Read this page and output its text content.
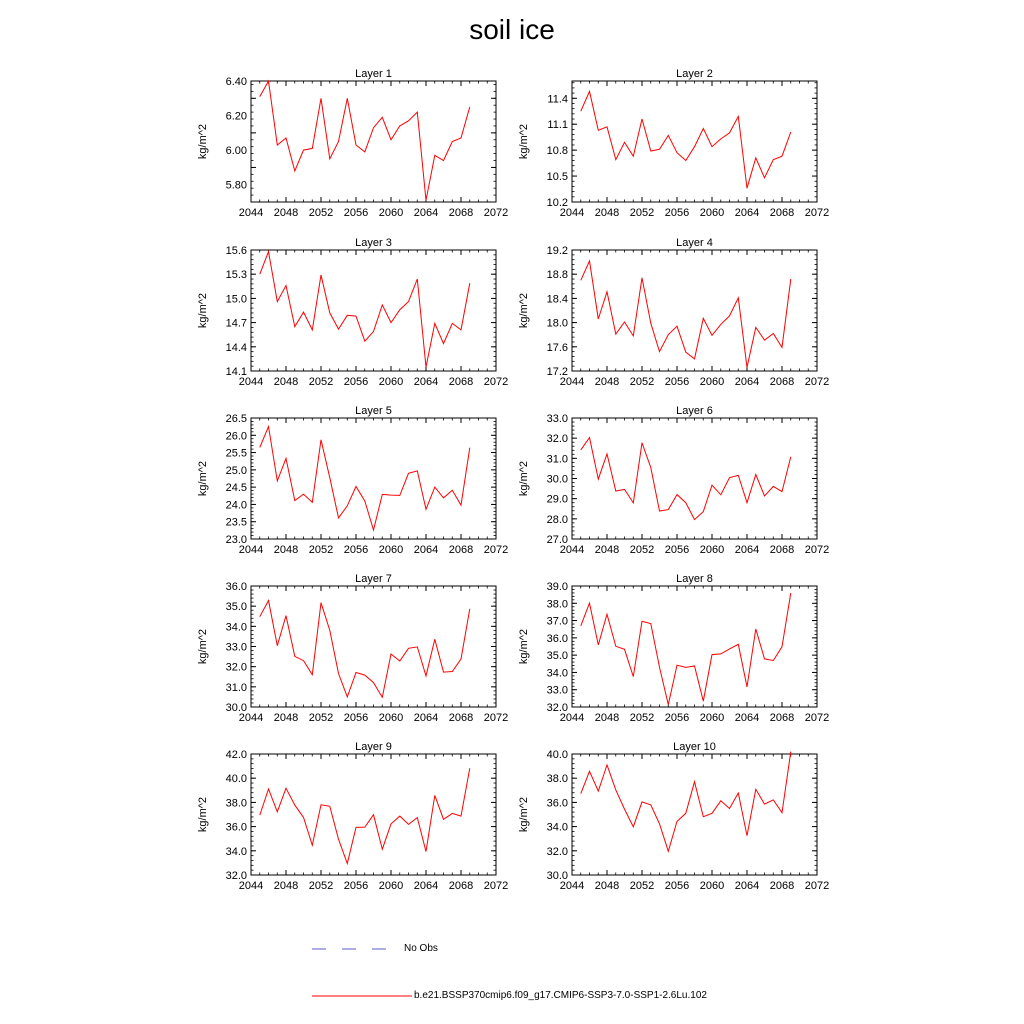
soil ice
Layer 1
kg/m^2
2044 2048 2052 2056 2060 2064 2068 2072
5.80
6.00
6.20
6.40
Layer 2
kg/m^2
2044 2048 2052 2056 2060 2064 2068 2072
10.2
10.5
10.8
11.1
11.4
Layer 3
kg/m^2
2044 2048 2052 2056 2060 2064 2068 2072
14.1
14.4
14.7
15.0
15.3
15.6
Layer 4
kg/m^2
2044 2048 2052 2056 2060 2064 2068 2072
17.2
17.6
18.0
18.4
18.8
19.2
Layer 5
kg/m^2
2044 2048 2052 2056 2060 2064 2068 2072
23.0
23.5
24.0
24.5
25.0
25.5
26.0
26.5
Layer 6
kg/m^2
2044 2048 2052 2056 2060 2064 2068 2072
27.0
28.0
29.0
30.0
31.0
32.0
33.0
Layer 7
kg/m^2
2044 2048 2052 2056 2060 2064 2068 2072
30.0
31.0
32.0
33.0
34.0
35.0
36.0
Layer 8
kg/m^2
2044 2048 2052 2056 2060 2064 2068 2072
32.0
33.0
34.0
35.0
36.0
37.0
38.0
39.0
Layer 9
kg/m^2
2044 2048 2052 2056 2060 2064 2068 2072
32.0
34.0
36.0
38.0
40.0
42.0
Layer 10
kg/m^2
2044 2048 2052 2056 2060 2064 2068 2072
30.0
32.0
34.0
36.0
38.0
40.0
No Obs
b.e21.BSSP370cmip6.f09_g17.CMIP6-SSP3-7.0-SSP1-2.6Lu.102
